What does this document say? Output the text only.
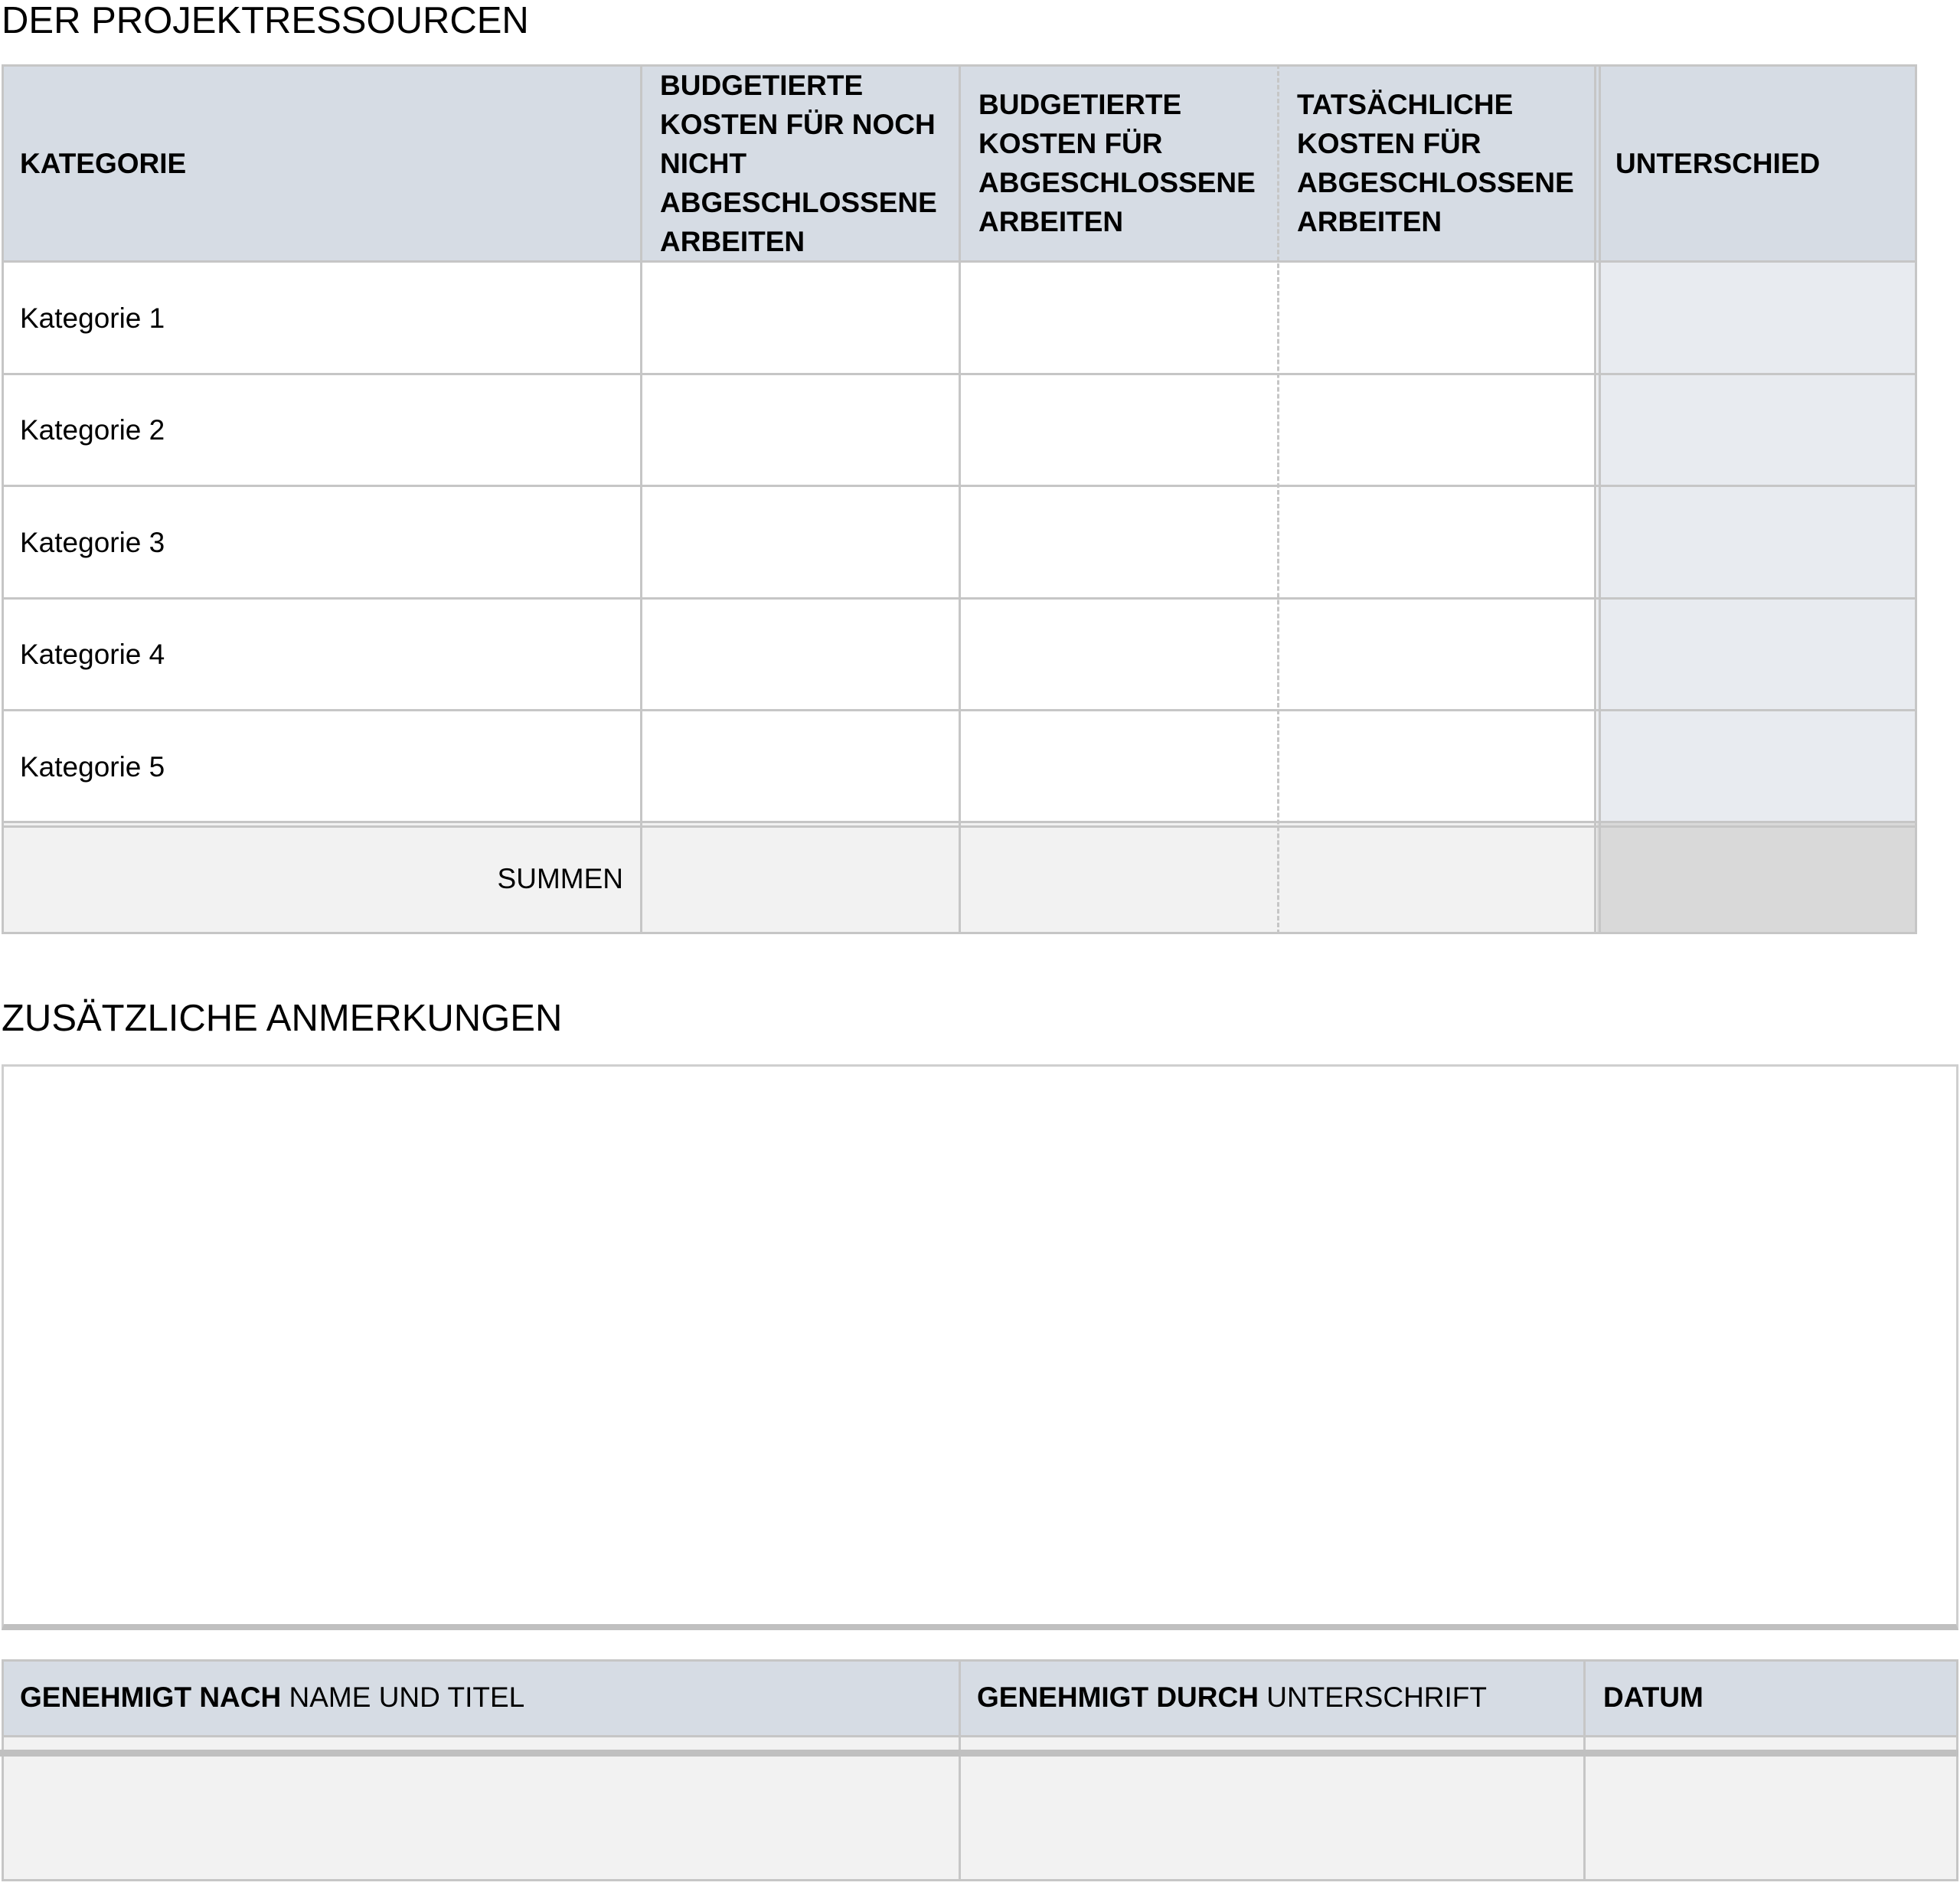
DER PROJEKTRESSOURCEN
KATEGORIE
BUDGETIERTE KOSTEN FÜR NOCH NICHT ABGESCHLOSSENE ARBEITEN
BUDGETIERTE KOSTEN FÜR ABGESCHLOSSENE ARBEITEN
TATSÄCHLICHE KOSTEN FÜR ABGESCHLOSSENE ARBEITEN
UNTERSCHIED
Kategorie 1
Kategorie 2
Kategorie 3
Kategorie 4
Kategorie 5
SUMMEN
ZUSÄTZLICHE ANMERKUNGEN
GENEHMIGT NACH NAME UND TITEL	GENEHMIGT DURCH UNTERSCHRIFT	DATUM
